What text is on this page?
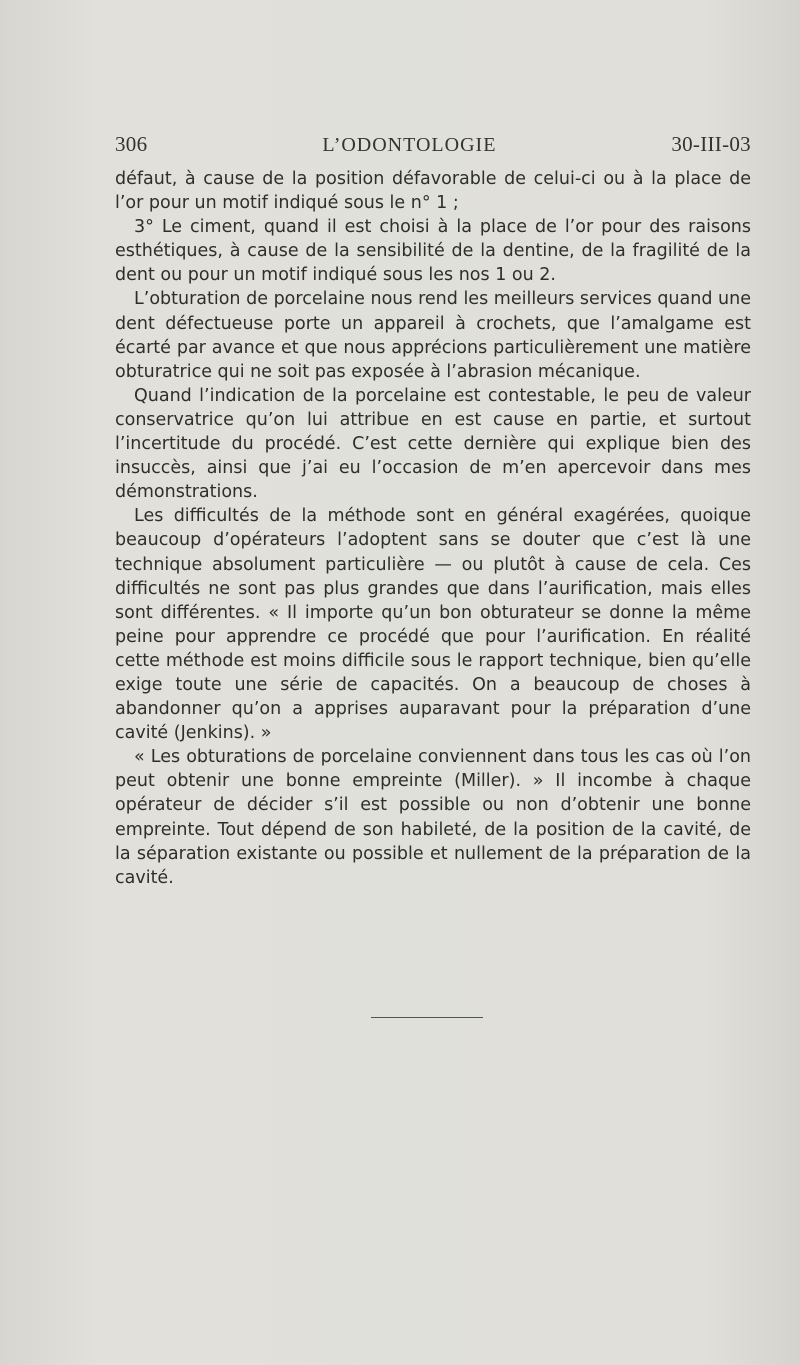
306	L’ODONTOLOGIE	30-III-03

défaut, à cause de la position défavorable de celui-ci ou à la place de l’or pour un motif indiqué sous le n° 1 ;

3° Le ciment, quand il est choisi à la place de l’or pour des raisons esthétiques, à cause de la sensibilité de la dentine, de la fragilité de la dent ou pour un motif indiqué sous les nos 1 ou 2.

L’obturation de porcelaine nous rend les meilleurs services quand une dent défectueuse porte un appareil à crochets, que l’amalgame est écarté par avance et que nous apprécions particulièrement une matière obturatrice qui ne soit pas exposée à l’abrasion mécanique.

Quand l’indication de la porcelaine est contestable, le peu de valeur conservatrice qu’on lui attribue en est cause en partie, et surtout l’incertitude du procédé. C’est cette dernière qui explique bien des insuccès, ainsi que j’ai eu l’occasion de m’en apercevoir dans mes démonstrations.

Les difficultés de la méthode sont en général exagérées, quoique beaucoup d’opérateurs l’adoptent sans se douter que c’est là une technique absolument particulière — ou plutôt à cause de cela. Ces difficultés ne sont pas plus grandes que dans l’aurification, mais elles sont différentes. « Il importe qu’un bon obturateur se donne la même peine pour apprendre ce procédé que pour l’aurification. En réalité cette méthode est moins difficile sous le rapport technique, bien qu’elle exige toute une série de capacités. On a beaucoup de choses à abandonner qu’on a apprises auparavant pour la préparation d’une cavité (Jenkins). »

« Les obturations de porcelaine conviennent dans tous les cas où l’on peut obtenir une bonne empreinte (Miller). » Il incombe à chaque opérateur de décider s’il est possible ou non d’obtenir une bonne empreinte. Tout dépend de son habileté, de la position de la cavité, de la séparation existante ou possible et nullement de la préparation de la cavité.
